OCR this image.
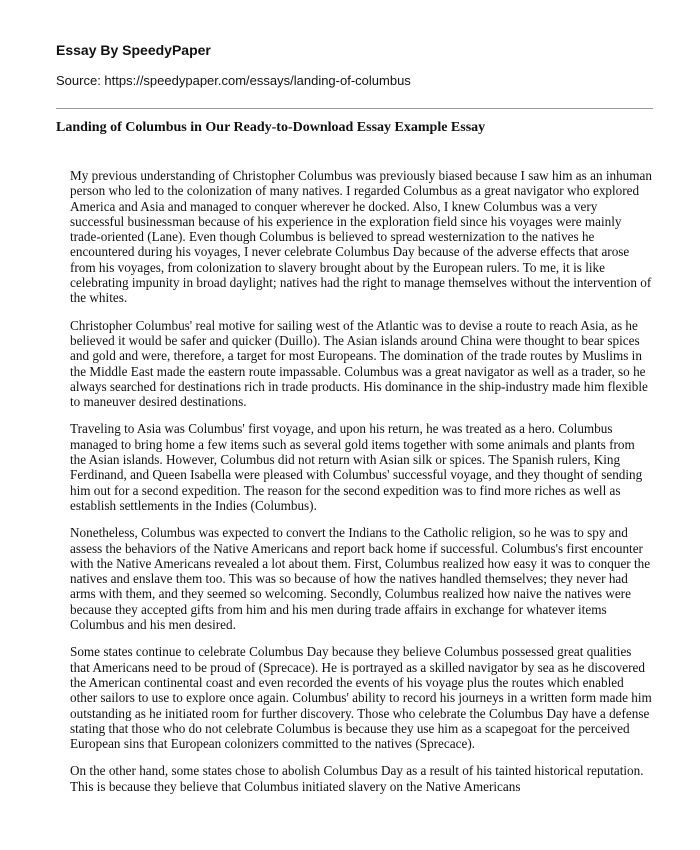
Essay By SpeedyPaper
Source: https://speedypaper.com/essays/landing-of-columbus
Landing of Columbus in Our Ready-to-Download Essay Example Essay

My previous understanding of Christopher Columbus was previously biased because I saw him as an inhuman person who led to the colonization of many natives. I regarded Columbus as a great navigator who explored America and Asia and managed to conquer wherever he docked. Also, I knew Columbus was a very successful businessman because of his experience in the exploration field since his voyages were mainly trade-oriented (Lane). Even though Columbus is believed to spread westernization to the natives he encountered during his voyages, I never celebrate Columbus Day because of the adverse effects that arose from his voyages, from colonization to slavery brought about by the European rulers. To me, it is like celebrating impunity in broad daylight; natives had the right to manage themselves without the intervention of the whites.

Christopher Columbus' real motive for sailing west of the Atlantic was to devise a route to reach Asia, as he believed it would be safer and quicker (Duillo). The Asian islands around China were thought to bear spices and gold and were, therefore, a target for most Europeans. The domination of the trade routes by Muslims in the Middle East made the eastern route impassable. Columbus was a great navigator as well as a trader, so he always searched for destinations rich in trade products. His dominance in the ship-industry made him flexible to maneuver desired destinations.

Traveling to Asia was Columbus' first voyage, and upon his return, he was treated as a hero. Columbus managed to bring home a few items such as several gold items together with some animals and plants from the Asian islands. However, Columbus did not return with Asian silk or spices. The Spanish rulers, King Ferdinand, and Queen Isabella were pleased with Columbus' successful voyage, and they thought of sending him out for a second expedition. The reason for the second expedition was to find more riches as well as establish settlements in the Indies (Columbus).

Nonetheless, Columbus was expected to convert the Indians to the Catholic religion, so he was to spy and assess the behaviors of the Native Americans and report back home if successful. Columbus's first encounter with the Native Americans revealed a lot about them. First, Columbus realized how easy it was to conquer the natives and enslave them too. This was so because of how the natives handled themselves; they never had arms with them, and they seemed so welcoming. Secondly, Columbus realized how naive the natives were because they accepted gifts from him and his men during trade affairs in exchange for whatever items Columbus and his men desired.

Some states continue to celebrate Columbus Day because they believe Columbus possessed great qualities that Americans need to be proud of (Sprecace). He is portrayed as a skilled navigator by sea as he discovered the American continental coast and even recorded the events of his voyage plus the routes which enabled other sailors to use to explore once again. Columbus' ability to record his journeys in a written form made him outstanding as he initiated room for further discovery. Those who celebrate the Columbus Day have a defense stating that those who do not celebrate Columbus is because they use him as a scapegoat for the perceived European sins that European colonizers committed to the natives (Sprecace).

On the other hand, some states chose to abolish Columbus Day as a result of his tainted historical reputation. This is because they believe that Columbus initiated slavery on the Native Americans
